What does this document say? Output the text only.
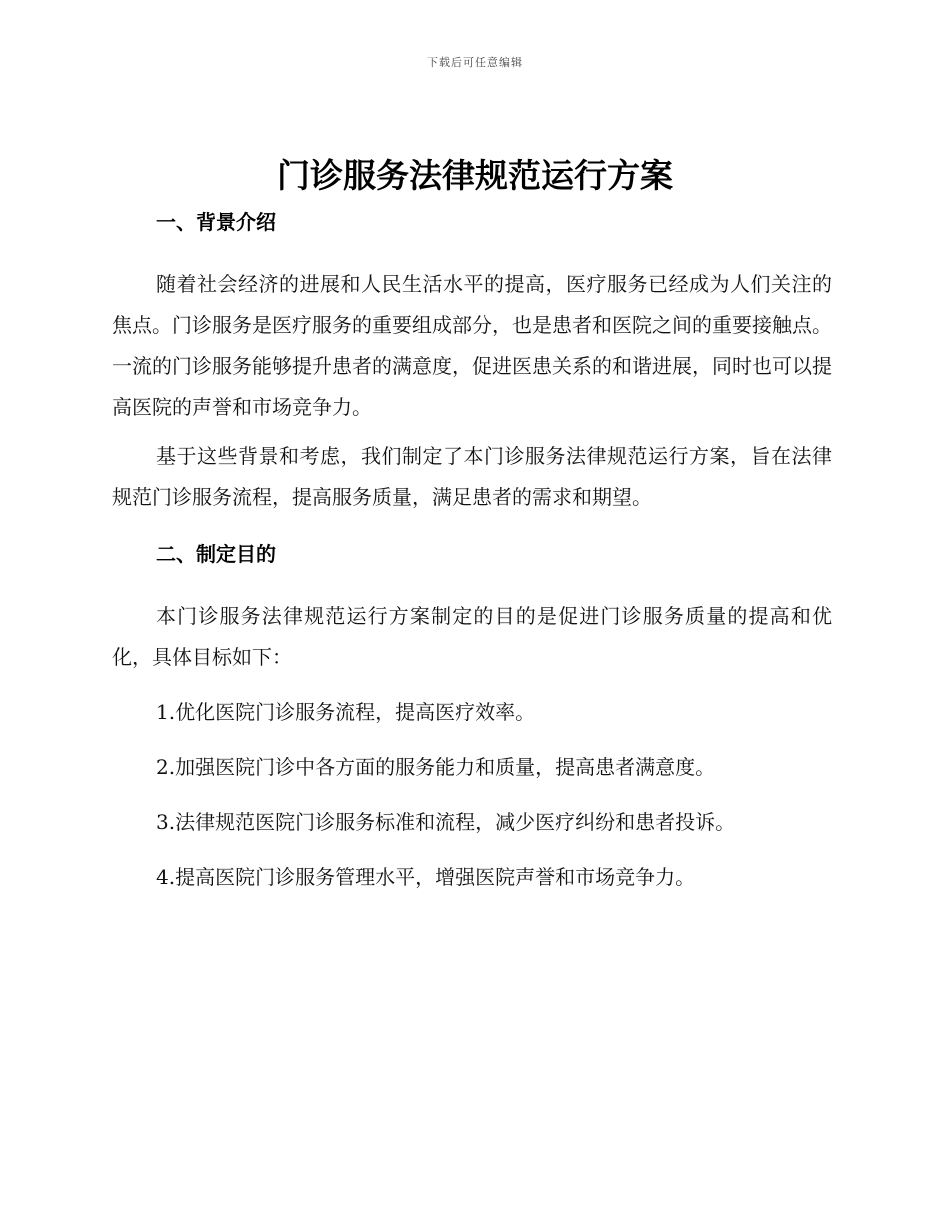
下载后可任意编辑
门诊服务法律规范运行方案
一、背景介绍

随着社会经济的进展和人民生活水平的提高，医疗服务已经成为人们关注的焦点。门诊服务是医疗服务的重要组成部分，也是患者和医院之间的重要接触点。一流的门诊服务能够提升患者的满意度，促进医患关系的和谐进展，同时也可以提高医院的声誉和市场竞争力。

基于这些背景和考虑，我们制定了本门诊服务法律规范运行方案，旨在法律规范门诊服务流程，提高服务质量，满足患者的需求和期望。

二、制定目的

本门诊服务法律规范运行方案制定的目的是促进门诊服务质量的提高和优化，具体目标如下：

1.优化医院门诊服务流程，提高医疗效率。
2.加强医院门诊中各方面的服务能力和质量，提高患者满意度。
3.法律规范医院门诊服务标准和流程，减少医疗纠纷和患者投诉。
4.提高医院门诊服务管理水平，增强医院声誉和市场竞争力。
